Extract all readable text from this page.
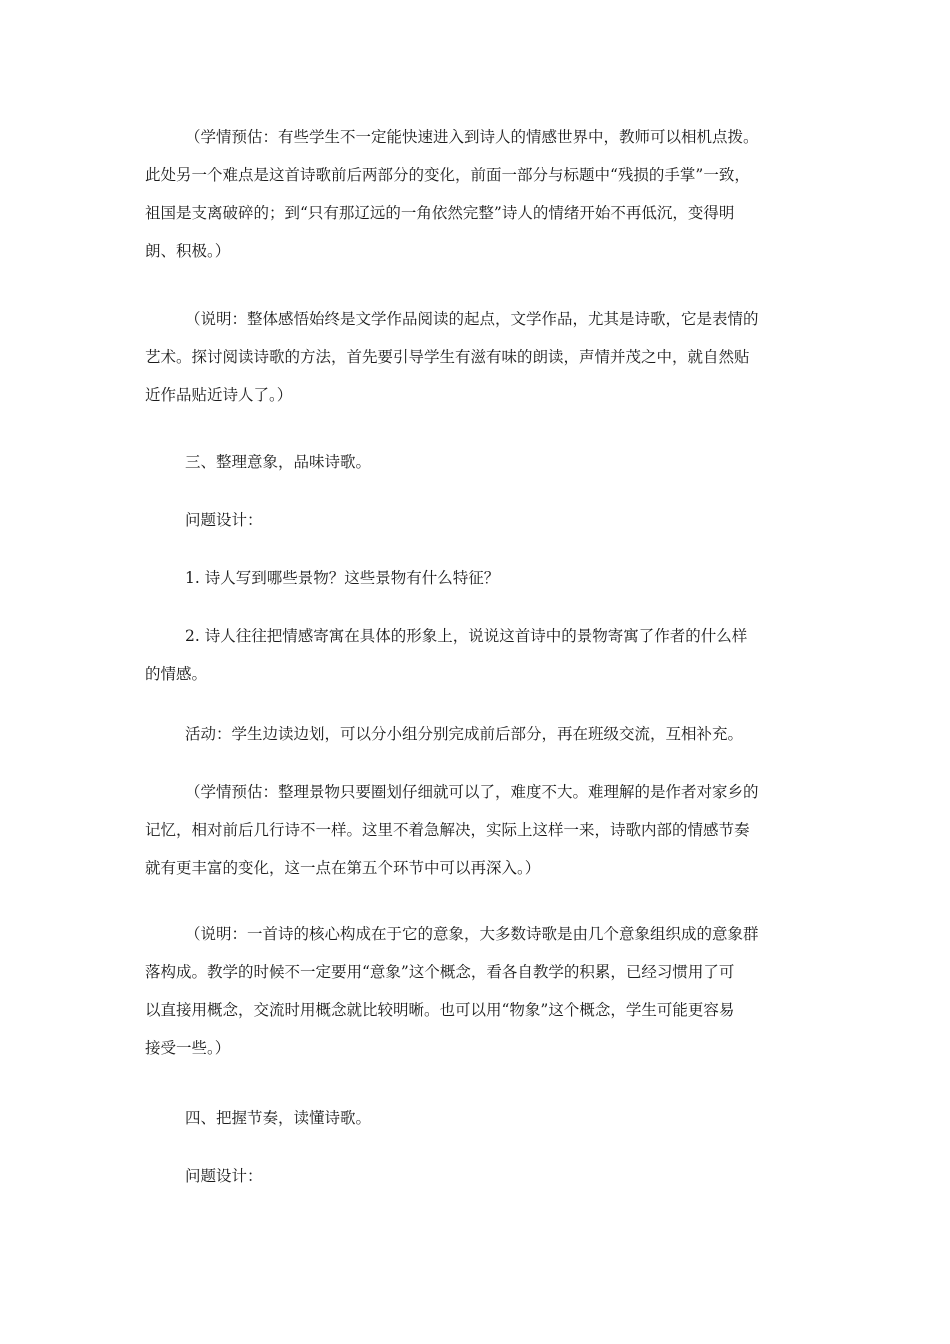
（学情预估：有些学生不一定能快速进入到诗人的情感世界中，教师可以相机点拨。
此处另一个难点是这首诗歌前后两部分的变化，前面一部分与标题中“残损的手掌”一致，
祖国是支离破碎的；到“只有那辽远的一角依然完整”诗人的情绪开始不再低沉，变得明
朗、积极。）

（说明：整体感悟始终是文学作品阅读的起点，文学作品，尤其是诗歌，它是表情的
艺术。探讨阅读诗歌的方法，首先要引导学生有滋有味的朗读，声情并茂之中，就自然贴
近作品贴近诗人了。）

三、整理意象，品味诗歌。

问题设计：

1. 诗人写到哪些景物？这些景物有什么特征？

2. 诗人往往把情感寄寓在具体的形象上，说说这首诗中的景物寄寓了作者的什么样
的情感。

活动：学生边读边划，可以分小组分别完成前后部分，再在班级交流，互相补充。

（学情预估：整理景物只要圈划仔细就可以了，难度不大。难理解的是作者对家乡的
记忆，相对前后几行诗不一样。这里不着急解决，实际上这样一来，诗歌内部的情感节奏
就有更丰富的变化，这一点在第五个环节中可以再深入。）

（说明：一首诗的核心构成在于它的意象，大多数诗歌是由几个意象组织成的意象群
落构成。教学的时候不一定要用“意象”这个概念，看各自教学的积累，已经习惯用了可
以直接用概念，交流时用概念就比较明晰。也可以用“物象”这个概念，学生可能更容易
接受一些。）

四、把握节奏，读懂诗歌。

问题设计：
